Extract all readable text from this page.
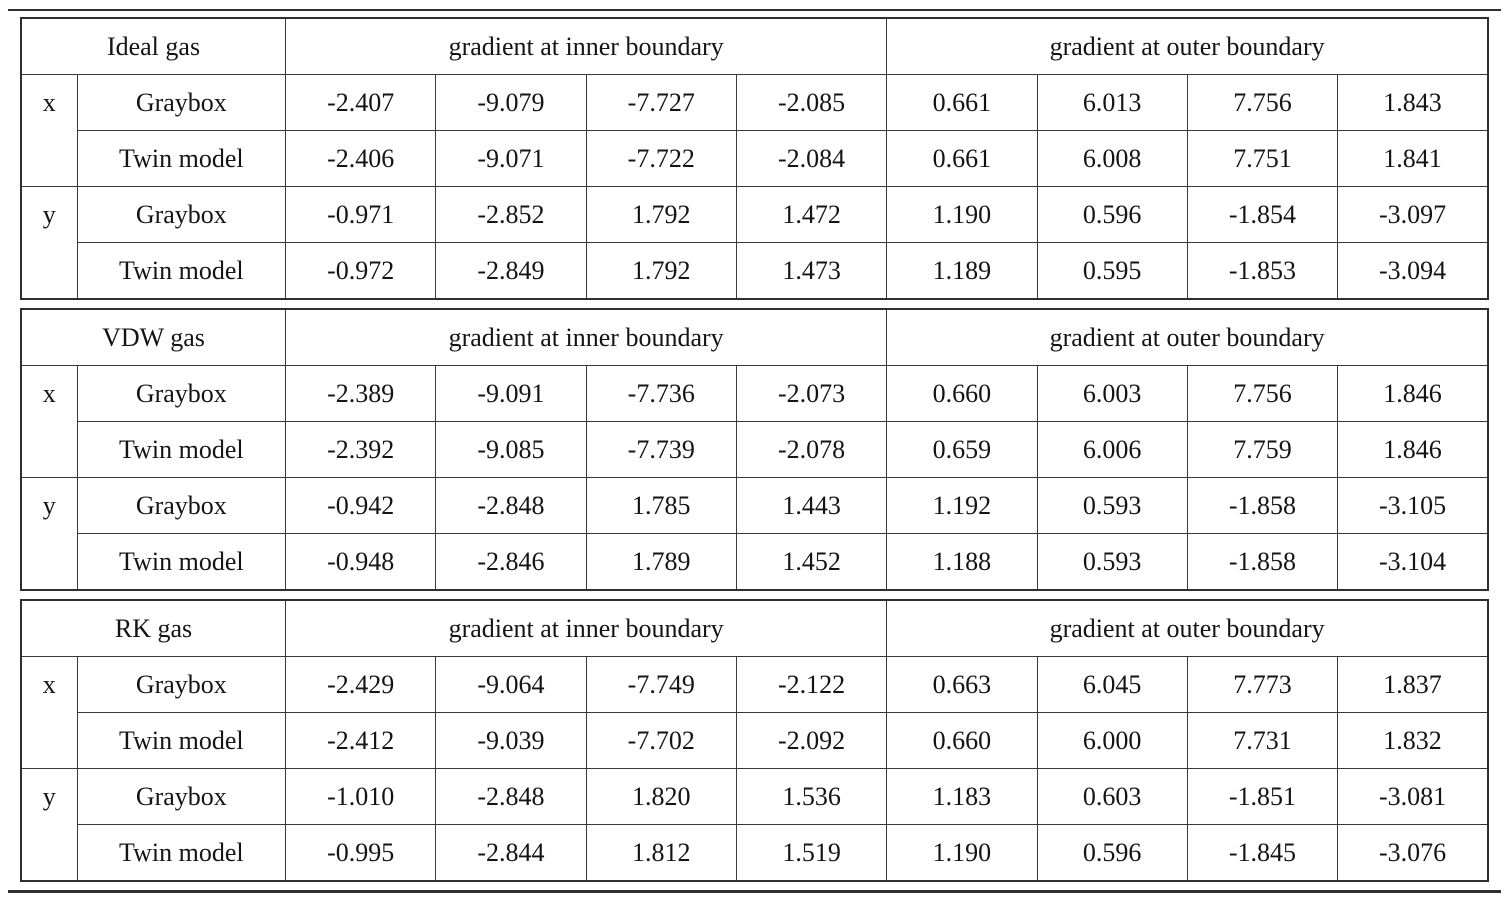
Ideal gas		gradient at inner boundary				gradient at outer boundary			
x	Graybox	-2.407	-9.079	-7.727	-2.085	0.661	6.013	7.756	1.843
	Twin model	-2.406	-9.071	-7.722	-2.084	0.661	6.008	7.751	1.841
y	Graybox	-0.971	-2.852	1.792	1.472	1.190	0.596	-1.854	-3.097
	Twin model	-0.972	-2.849	1.792	1.473	1.189	0.595	-1.853	-3.094
VDW gas		gradient at inner boundary				gradient at outer boundary			
x	Graybox	-2.389	-9.091	-7.736	-2.073	0.660	6.003	7.756	1.846
	Twin model	-2.392	-9.085	-7.739	-2.078	0.659	6.006	7.759	1.846
y	Graybox	-0.942	-2.848	1.785	1.443	1.192	0.593	-1.858	-3.105
	Twin model	-0.948	-2.846	1.789	1.452	1.188	0.593	-1.858	-3.104
RK gas		gradient at inner boundary				gradient at outer boundary			
x	Graybox	-2.429	-9.064	-7.749	-2.122	0.663	6.045	7.773	1.837
	Twin model	-2.412	-9.039	-7.702	-2.092	0.660	6.000	7.731	1.832
y	Graybox	-1.010	-2.848	1.820	1.536	1.183	0.603	-1.851	-3.081
	Twin model	-0.995	-2.844	1.812	1.519	1.190	0.596	-1.845	-3.076
